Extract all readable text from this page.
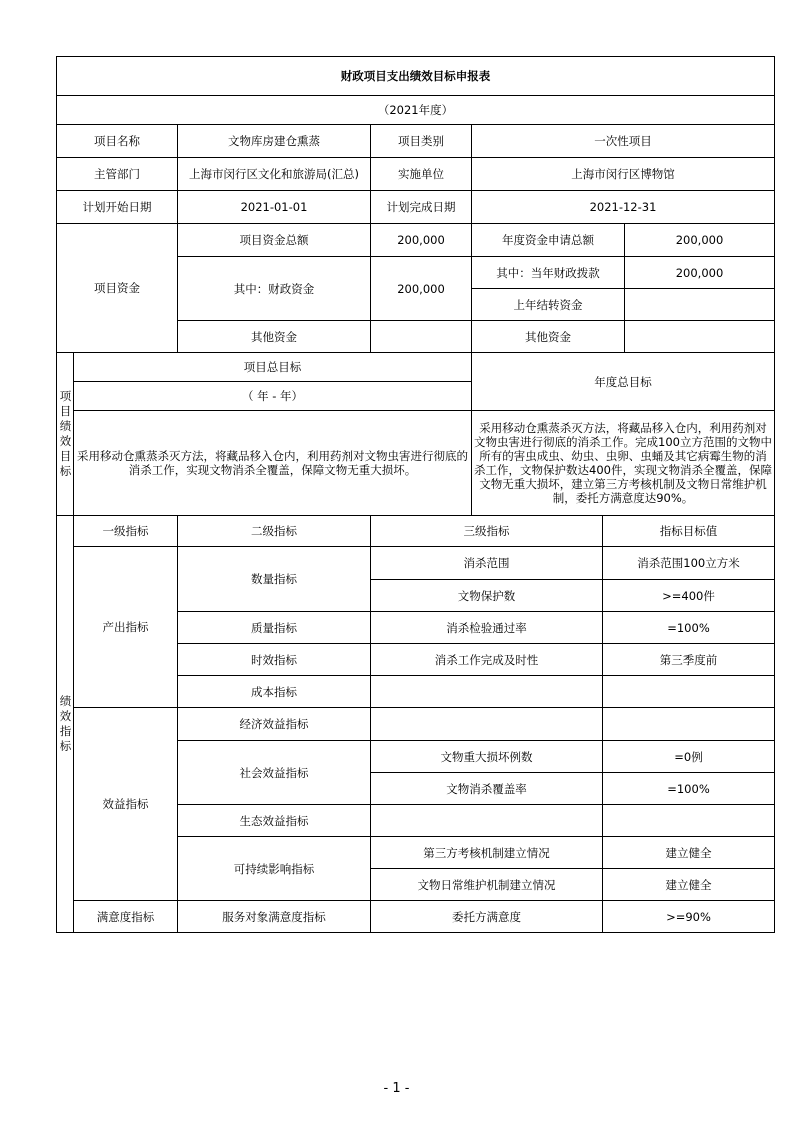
财政项目支出绩效目标申报表						
（2021年度）						
项目名称		文物库房建仓熏蒸	项目类别	一次性项目		
主管部门		上海市闵行区文化和旅游局(汇总)	实施单位	上海市闵行区博物馆		
计划开始日期		2021-01-01	计划完成日期	2021-12-31		
项目资金		项目资金总额	200,000	年度资金申请总额		200,000
		其中：财政资金	200,000	其中：当年财政拨款		200,000
				上年结转资金		
		其他资金		其他资金		
项目绩效目标	项目总目标			年度总目标		
	（ 年 - 年）					
	采用移动仓熏蒸杀灭方法，将藏品移入仓内，利用药剂对文物虫害进行彻底的消杀工作，实现文物消杀全覆盖，保障文物无重大损坏。			采用移动仓熏蒸杀灭方法，将藏品移入仓内，利用药剂对文物虫害进行彻底的消杀工作。完成100立方范围的文物中所有的害虫成虫、幼虫、虫卵、虫蛹及其它病霉生物的消杀工作，文物保护数达400件，实现文物消杀全覆盖，保障文物无重大损坏，建立第三方考核机制及文物日常维护机制，委托方满意度达90%。		

绩效指标	一级指标	二级指标	三级指标		指标目标值	
	产出指标	数量指标	消杀范围		消杀范围100立方米	
			文物保护数		>=400件	
		质量指标	消杀检验通过率		=100%	
		时效指标	消杀工作完成及时性		第三季度前	
		成本指标				
	效益指标	经济效益指标				
		社会效益指标	文物重大损坏例数		=0例	
			文物消杀覆盖率		=100%	
		生态效益指标				
		可持续影响指标	第三方考核机制建立情况		建立健全	
			文物日常维护机制建立情况		建立健全	
	满意度指标	服务对象满意度指标	委托方满意度		>=90%	
- 1 -
